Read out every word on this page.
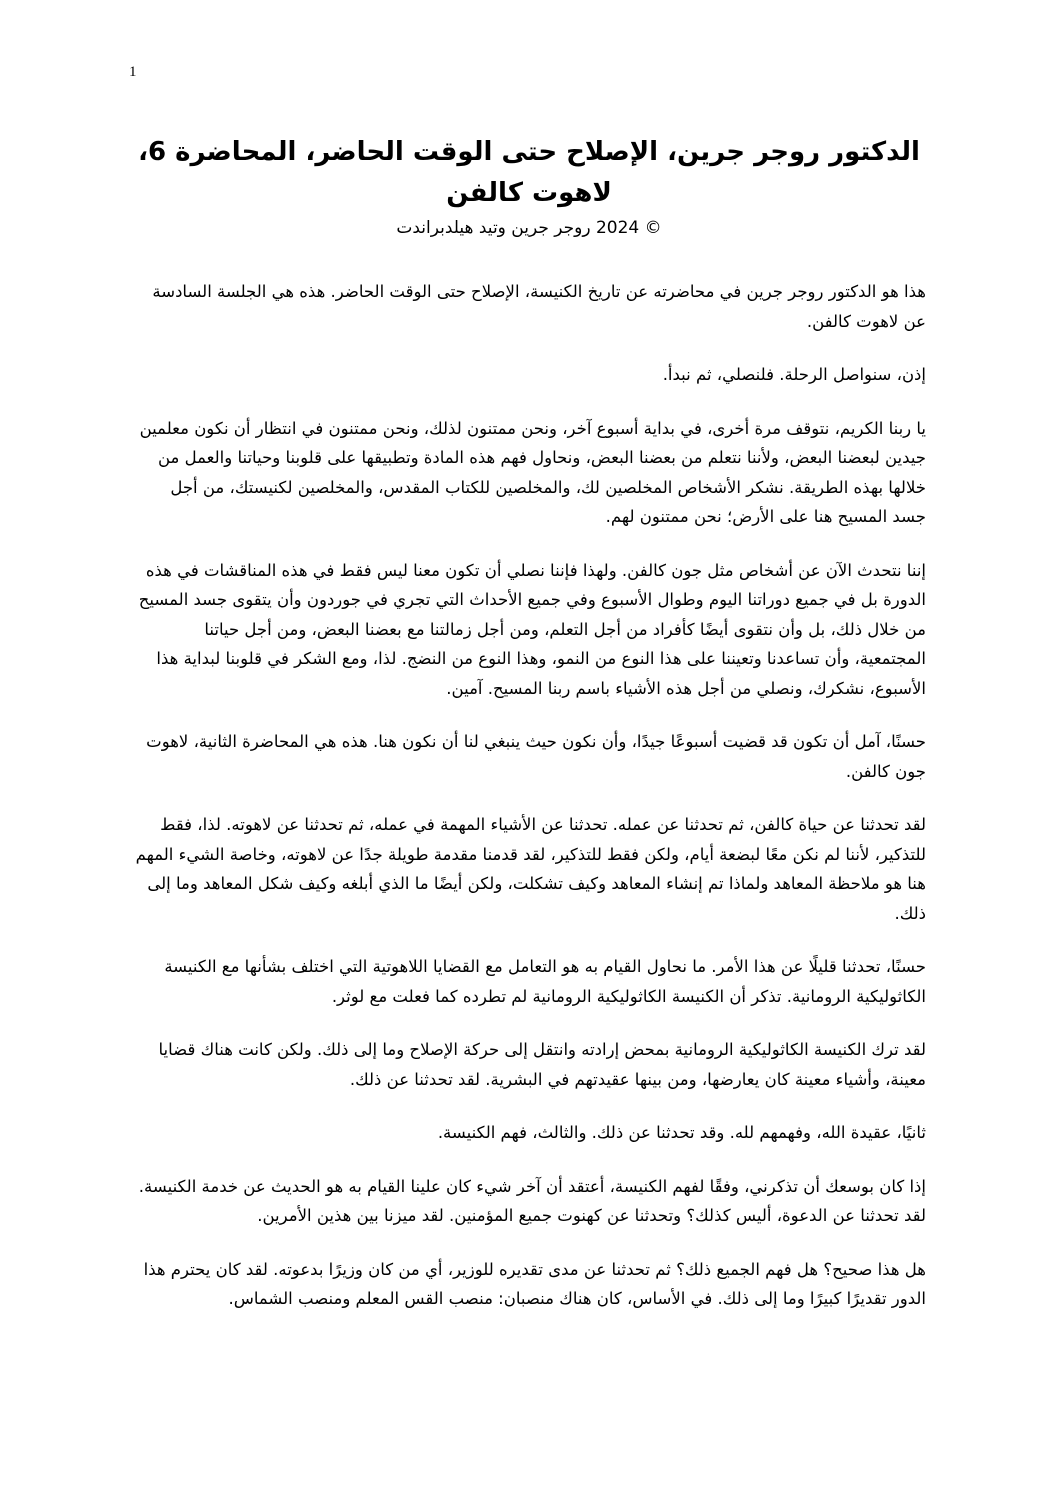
1
الدكتور روجر جرين، الإصلاح حتى الوقت الحاضر، المحاضرة 6، لاهوت كالفن
© 2024 روجر جرين وتيد هيلدبراندت

هذا هو الدكتور روجر جرين في محاضرته عن تاريخ الكنيسة، الإصلاح حتى الوقت الحاضر. هذه هي الجلسة السادسة عن لاهوت كالفن.

إذن، سنواصل الرحلة. فلنصلي، ثم نبدأ.

يا ربنا الكريم، نتوقف مرة أخرى، في بداية أسبوع آخر، ونحن ممتنون لذلك، ونحن ممتنون في انتظار أن نكون معلمين جيدين لبعضنا البعض، ولأننا نتعلم من بعضنا البعض، ونحاول فهم هذه المادة وتطبيقها على قلوبنا وحياتنا والعمل من خلالها بهذه الطريقة. نشكر الأشخاص المخلصين لك، والمخلصين للكتاب المقدس، والمخلصين لكنيستك، من أجل جسد المسيح هنا على الأرض؛ نحن ممتنون لهم.

إننا نتحدث الآن عن أشخاص مثل جون كالفن. ولهذا فإننا نصلي أن تكون معنا ليس فقط في هذه المناقشات في هذه الدورة بل في جميع دوراتنا اليوم وطوال الأسبوع وفي جميع الأحداث التي تجري في جوردون وأن يتقوى جسد المسيح من خلال ذلك، بل وأن نتقوى أيضًا كأفراد من أجل التعلم، ومن أجل زمالتنا مع بعضنا البعض، ومن أجل حياتنا المجتمعية، وأن تساعدنا وتعيننا على هذا النوع من النمو، وهذا النوع من النضج. لذا، ومع الشكر في قلوبنا لبداية هذا الأسبوع، نشكرك، ونصلي من أجل هذه الأشياء باسم ربنا المسيح. آمين.

حسنًا، آمل أن تكون قد قضيت أسبوعًا جيدًا، وأن نكون حيث ينبغي لنا أن نكون هنا. هذه هي المحاضرة الثانية، لاهوت جون كالفن.

لقد تحدثنا عن حياة كالفن، ثم تحدثنا عن عمله. تحدثنا عن الأشياء المهمة في عمله، ثم تحدثنا عن لاهوته. لذا، فقط للتذكير، لأننا لم نكن معًا لبضعة أيام، ولكن فقط للتذكير، لقد قدمنا مقدمة طويلة جدًا عن لاهوته، وخاصة الشيء المهم هنا هو ملاحظة المعاهد ولماذا تم إنشاء المعاهد وكيف تشكلت، ولكن أيضًا ما الذي أبلغه وكيف شكل المعاهد وما إلى ذلك.

حسنًا، تحدثنا قليلًا عن هذا الأمر. ما نحاول القيام به هو التعامل مع القضايا اللاهوتية التي اختلف بشأنها مع الكنيسة الكاثوليكية الرومانية. تذكر أن الكنيسة الكاثوليكية الرومانية لم تطرده كما فعلت مع لوثر.

لقد ترك الكنيسة الكاثوليكية الرومانية بمحض إرادته وانتقل إلى حركة الإصلاح وما إلى ذلك. ولكن كانت هناك قضايا معينة، وأشياء معينة كان يعارضها، ومن بينها عقيدتهم في البشرية. لقد تحدثنا عن ذلك.

ثانيًا، عقيدة الله، وفهمهم لله. وقد تحدثنا عن ذلك. والثالث، فهم الكنيسة.

إذا كان بوسعك أن تذكرني، وفقًا لفهم الكنيسة، أعتقد أن آخر شيء كان علينا القيام به هو الحديث عن خدمة الكنيسة. لقد تحدثنا عن الدعوة، أليس كذلك؟ وتحدثنا عن كهنوت جميع المؤمنين. لقد ميزنا بين هذين الأمرين.

هل هذا صحيح؟ هل فهم الجميع ذلك؟ ثم تحدثنا عن مدى تقديره للوزير، أي من كان وزيرًا بدعوته. لقد كان يحترم هذا الدور تقديرًا كبيرًا وما إلى ذلك. في الأساس، كان هناك منصبان: منصب القس المعلم ومنصب الشماس.
